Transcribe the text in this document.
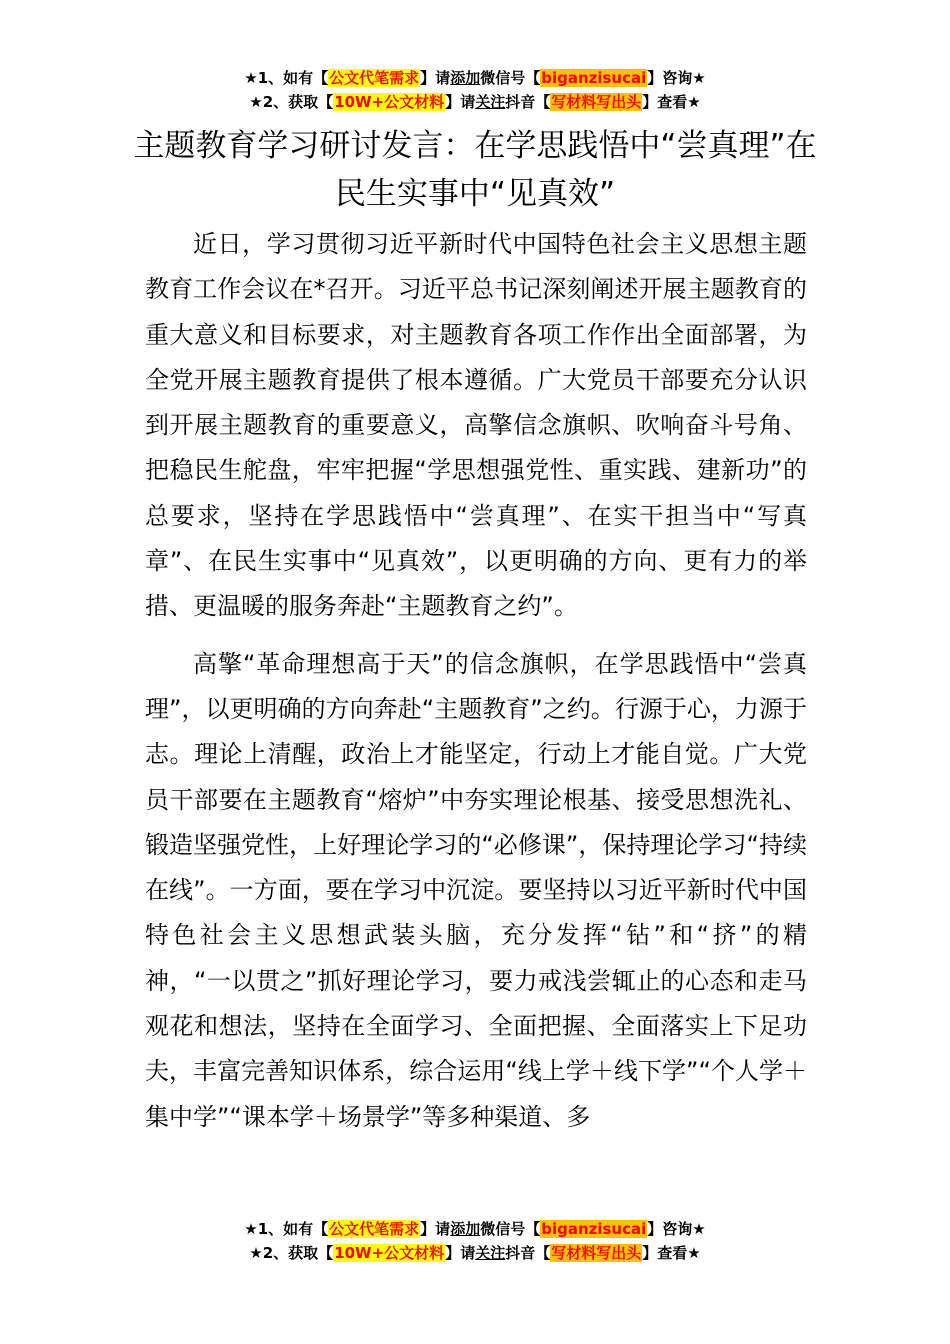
★1、如有【公文代笔需求】请添加微信号【biganzisucai】咨询★
★2、获取【10W+公文材料】请关注抖音【写材料写出头】查看★
主题教育学习研讨发言：在学思践悟中“尝真理”在民生实事中“见真效”

近日，学习贯彻习近平新时代中国特色社会主义思想主题教育工作会议在*召开。习近平总书记深刻阐述开展主题教育的重大意义和目标要求，对主题教育各项工作作出全面部署，为全党开展主题教育提供了根本遵循。广大党员干部要充分认识到开展主题教育的重要意义，高擎信念旗帜、吹响奋斗号角、把稳民生舵盘，牢牢把握“学思想强党性、重实践、建新功”的总要求，坚持在学思践悟中“尝真理”、在实干担当中“写真章”、在民生实事中“见真效”，以更明确的方向、更有力的举措、更温暖的服务奔赴“主题教育之约”。

高擎“革命理想高于天”的信念旗帜，在学思践悟中“尝真理”，以更明确的方向奔赴“主题教育”之约。行源于心，力源于志。理论上清醒，政治上才能坚定，行动上才能自觉。广大党员干部要在主题教育“熔炉”中夯实理论根基、接受思想洗礼、锻造坚强党性，上好理论学习的“必修课”，保持理论学习“持续在线”。一方面，要在学习中沉淀。要坚持以习近平新时代中国特色社会主义思想武装头脑，充分发挥“钻”和“挤”的精神，“一以贯之”抓好理论学习，要力戒浅尝辄止的心态和走马观花和想法，坚持在全面学习、全面把握、全面落实上下足功夫，丰富完善知识体系，综合运用“线上学＋线下学”“个人学＋集中学”“课本学＋场景学”等多种渠道、多

★1、如有【公文代笔需求】请添加微信号【biganzisucai】咨询★
★2、获取【10W+公文材料】请关注抖音【写材料写出头】查看★
